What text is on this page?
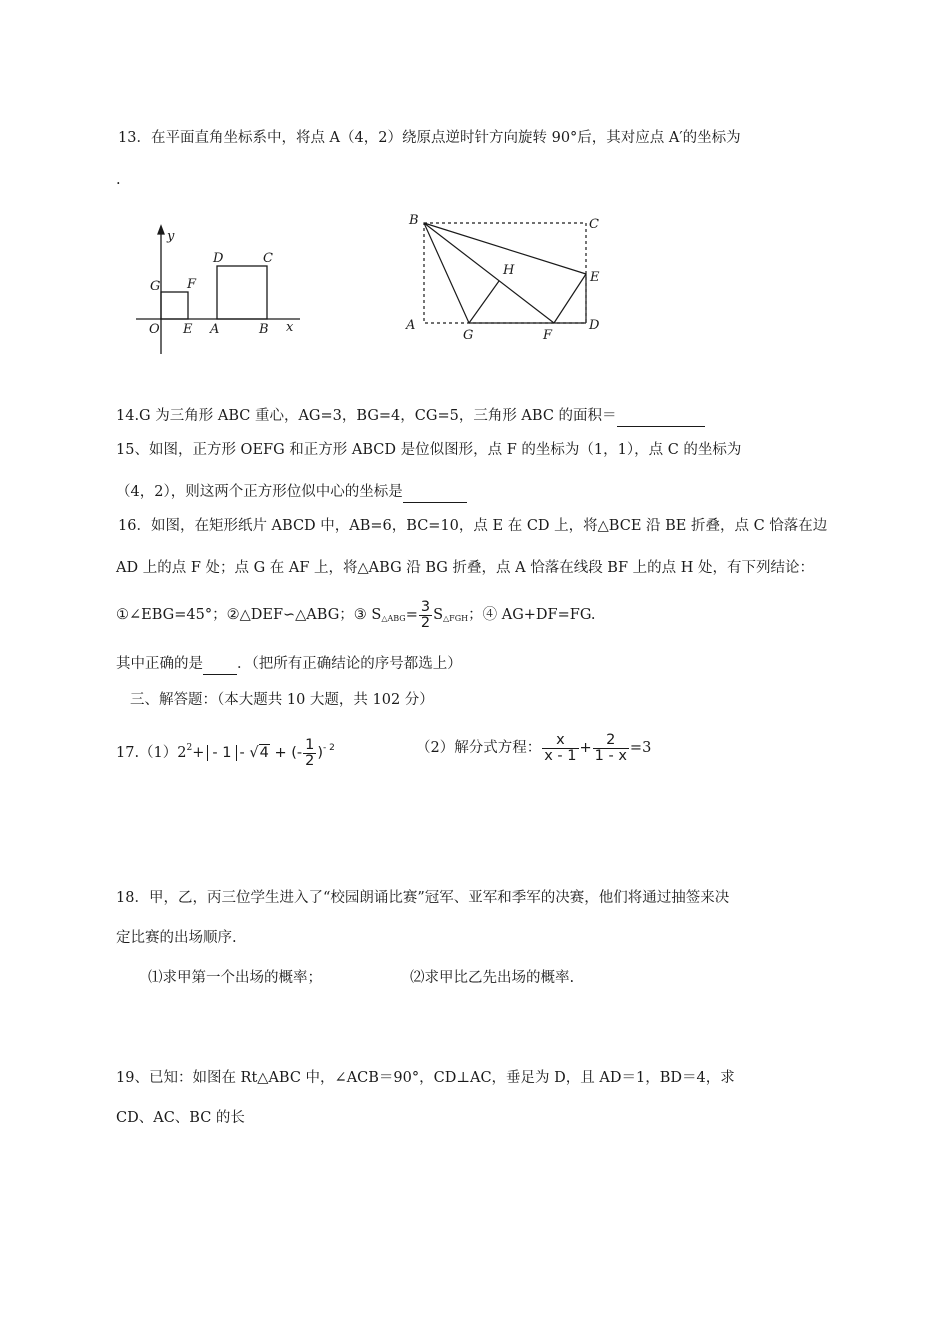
13．在平面直角坐标系中，将点 A（4，2）绕原点逆时针方向旋转 90°后，其对应点 A′的坐标为
.
y
x
G F
D	C
O E A	B
B	C
H	E
A
G	F
D
14.G 为三角形 ABC 重心，AG=3，BG=4，CG=5，三角形 ABC 的面积＝
15、如图，正方形 OEFG 和正方形 ABCD 是位似图形，点 F 的坐标为（1，1），点 C 的坐标为
（4，2），则这两个正方形位似中心的坐标是
16．如图，在矩形纸片 ABCD 中，AB=6，BC=10，点 E 在 CD 上，将△BCE 沿 BE 折叠，点 C 恰落在边
AD 上的点 F 处；点 G 在 AF 上，将△ABG 沿 BG 折叠，点 A 恰落在线段 BF 上的点 H 处，有下列结论：
①∠EBG=45°；②△DEF∽△ABG；③ $S_{\triangle ABG}= \frac{3}{2} S_{\triangle FGH}$；④ AG+DF=FG.
其中正确的是 ．（把所有正确结论的序号都选上）
三、解答题：（本大题共 10 大题，共 102 分）
$17.(1)2^2+ - 1 - √4$ + (- $\frac{1}{2} )^{- 2}$	（2）解分式方程： $\frac{x}{x - 1} + \frac{2}{1 - x} =3$
18．甲，乙，丙三位学生进入了“校园朗诵比赛”冠军、亚军和季军的决赛，他们将通过抽签来决
定比赛的出场顺序.
⑴求甲第一个出场的概率；	⑵求甲比乙先出场的概率.
19、已知：如图在 Rt△ABC 中，∠ACB＝90°，CD⊥AC，垂足为 D，且 AD＝1，BD＝4，求
CD、AC、BC 的长
